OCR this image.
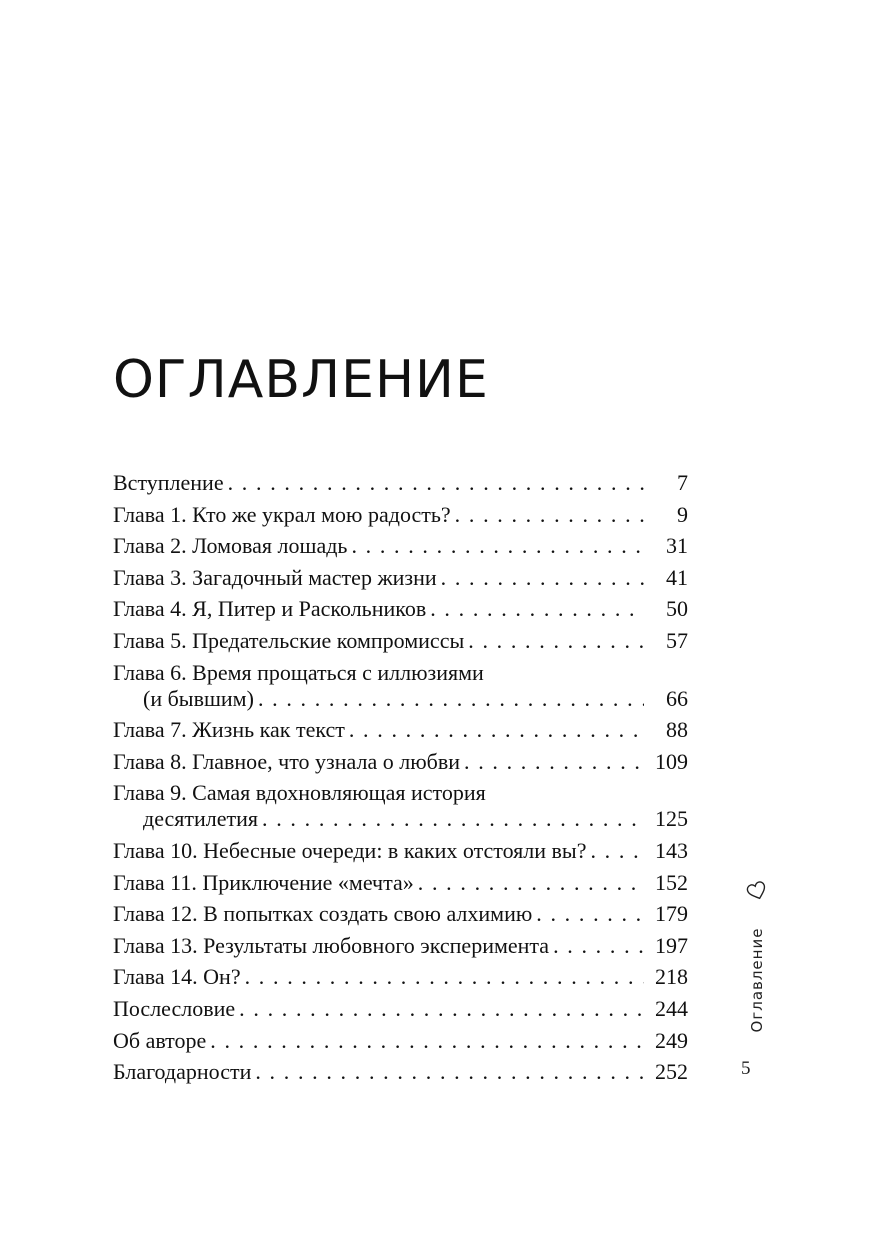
ОГЛАВЛЕНИЕ
Вступление . . .	7
Глава 1. Кто же украл мою радость? . . .	9
Глава 2. Ломовая лошадь . . .	31
Глава 3. Загадочный мастер жизни . . .	41
Глава 4. Я, Питер и Раскольников . . .	50
Глава 5. Предательские компромиссы . . .	57
Глава 6. Время прощаться с иллюзиями
(и бывшим) . . .	66
Глава 7. Жизнь как текст . . .	88
Глава 8. Главное, что узнала о любви . . .	109
Глава 9. Самая вдохновляющая история
десятилетия . . .	125
Глава 10. Небесные очереди: в каких отстояли вы? . . .	143
Глава 11. Приключение «мечта» . . .	152
Глава 12. В попытках создать свою алхимию . . .	179
Глава 13. Результаты любовного эксперимента . . .	197
Глава 14. Он? . . .	218
Послесловие . . .	244
Об авторе . . .	249
Благодарности . . .	252
Оглавление
5
